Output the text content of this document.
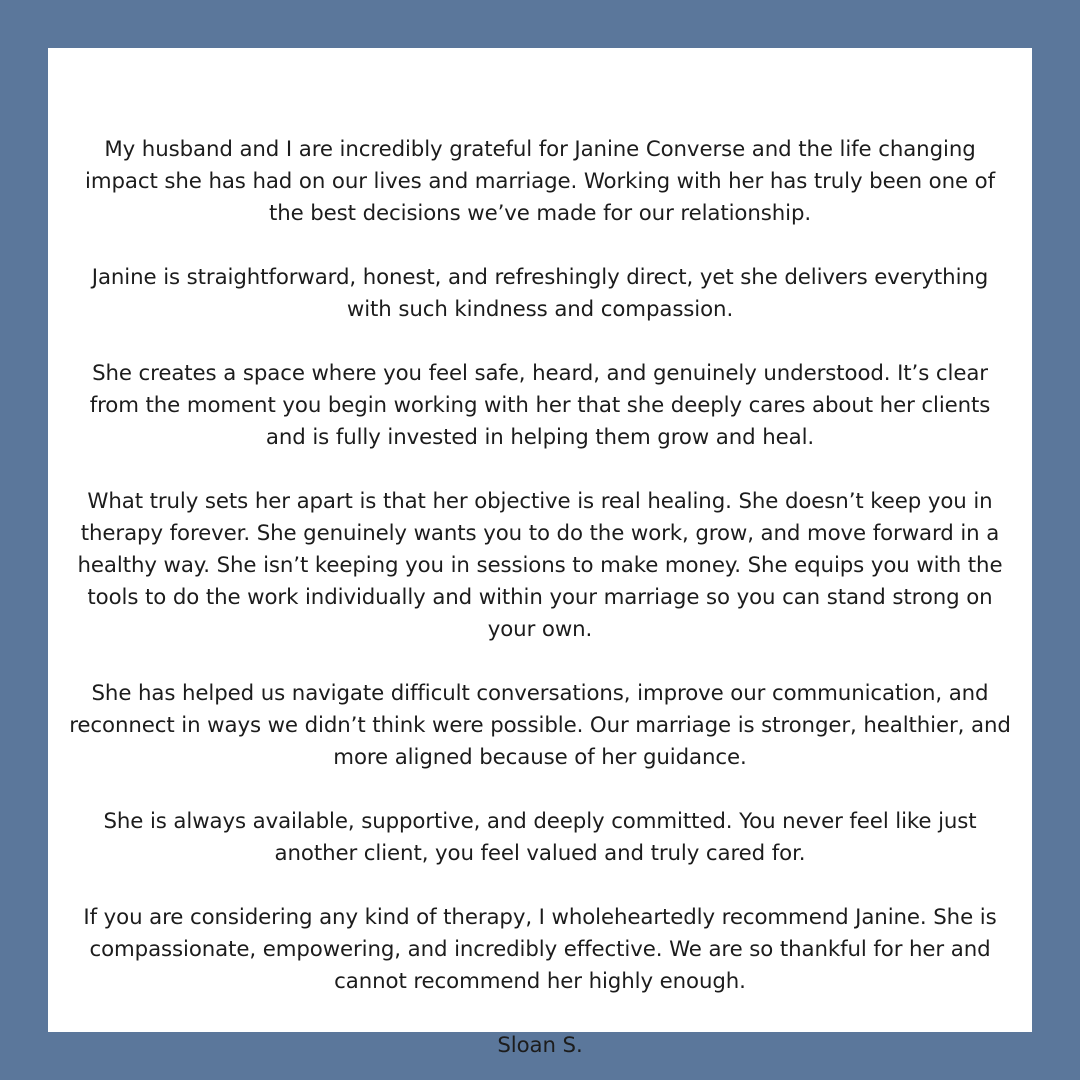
My husband and I are incredibly grateful for Janine Converse and the life changing impact she has had on our lives and marriage. Working with her has truly been one of the best decisions we’ve made for our relationship.

Janine is straightforward, honest, and refreshingly direct, yet she delivers everything with such kindness and compassion.

She creates a space where you feel safe, heard, and genuinely understood. It’s clear from the moment you begin working with her that she deeply cares about her clients and is fully invested in helping them grow and heal.

What truly sets her apart is that her objective is real healing. She doesn’t keep you in therapy forever. She genuinely wants you to do the work, grow, and move forward in a healthy way. She isn’t keeping you in sessions to make money. She equips you with the tools to do the work individually and within your marriage so you can stand strong on your own.

She has helped us navigate difficult conversations, improve our communication, and reconnect in ways we didn’t think were possible. Our marriage is stronger, healthier, and more aligned because of her guidance.

She is always available, supportive, and deeply committed. You never feel like just another client, you feel valued and truly cared for.

If you are considering any kind of therapy, I wholeheartedly recommend Janine. She is compassionate, empowering, and incredibly effective. We are so thankful for her and cannot recommend her highly enough.

Sloan S.
